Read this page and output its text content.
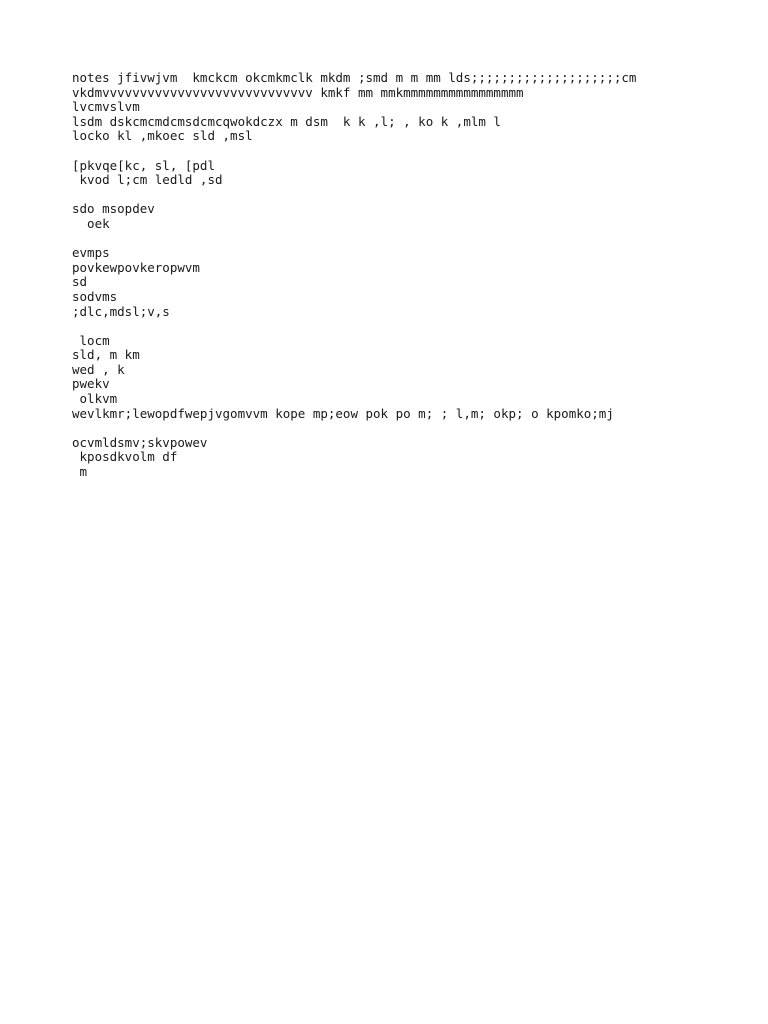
notes jfivwjvm  kmckcm okcmkmclk mkdm ;smd m m mm lds;;;;;;;;;;;;;;;;;;;;cm
vkdmvvvvvvvvvvvvvvvvvvvvvvvvvvvv kmkf mm mmkmmmmmmmmmmmmmmmm
lvcmvslvm
lsdm dskcmcmdcmsdcmcqwokdczx m dsm  k k ,l; , ko k ,mlm l
locko kl ,mkoec sld ,msl
[pkvqe[kc, sl, [pdl
kvod l;cm ledld ,sd
sdo msopdev
oek
evmps
povkewpovkeropwvm
sd
sodvms
;dlc,mdsl;v,s
locm
sld, m km
wed , k
pwekv
olkvm
wevlkmr;lewopdfwepjvgomvvm kope mp;eow pok po m; ; l,m; okp; o kpomko;mj
ocvmldsmv;skvpowev
kposdkvolm df
m
